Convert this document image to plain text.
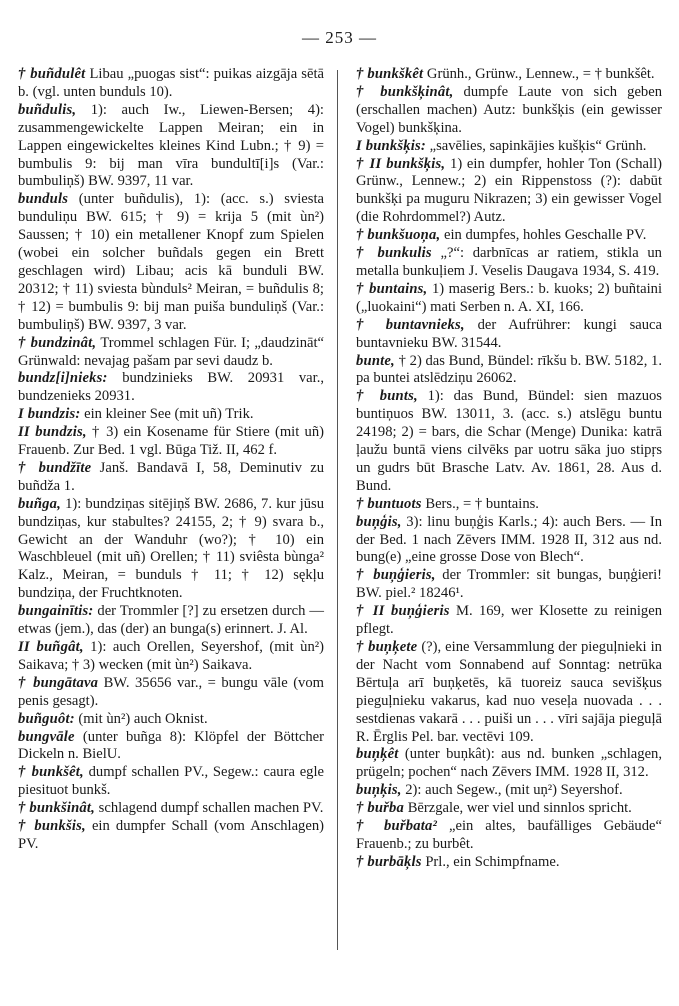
— 253 —

† buñdulêt Libau „puogas sist“: puikas aizgāja sētā b. (vgl. unten bunduls 10).

buñdulis, 1): auch Iw., Liewen-Bersen; 4): zusammengewickelte Lappen Meiran; ein in Lappen eingewickeltes kleines Kind Lubn.; † 9) = bumbulis 9: bij man vīra bundultī[i]s (Var.: bumbuliņš) BW. 9397, 11 var.

bunduls (unter buñdulis), 1): (acc. s.) sviesta bunduliņu BW. 615; † 9) = krija 5 (mit ùn²) Saussen; † 10) ein metallener Knopf zum Spielen (wobei ein solcher buñdals gegen ein Brett geschlagen wird) Libau; acis kā bunduli BW. 20312; † 11) sviesta bùnduls² Meiran, = buñdulis 8; † 12) = bumbulis 9: bij man puiša bunduliņš (Var.: bumbuliņš) BW. 9397, 3 var.

† bundzinât, Trommel schlagen Für. I; „daudzināt“ Grünwald: nevajag pašam par sevi daudz b.

bundz[i]nieks: bundzinieks BW. 20931 var., bundzenieks 20931.

I bundzis: ein kleiner See (mit uñ) Trik.

II bundzis, † 3) ein Kosename für Stiere (mit uñ) Frauenb. Zur Bed. 1 vgl. Būga Tiž. II, 462 f.

† bundžīte Janš. Bandavā I, 58, Deminutiv zu buñdža 1.

buñga, 1): bundziņas sitējiņš BW. 2686, 7. kur jūsu bundziņas, kur stabultes? 24155, 2; † 9) svara b., Gewicht an der Wanduhr (wo?); † 10) ein Waschbleuel (mit uñ) Orellen; † 11) sviêsta bùnga² Kalz., Meiran, = bunduls † 11; † 12) sękļu bundziņa, der Fruchtknoten.

bungainītis: der Trommler [?] zu ersetzen durch — etwas (jem.), das (der) an bunga(s) erinnert. J. Al.

II buñgât, 1): auch Orellen, Seyershof, (mit ùn²) Saikava; † 3) wecken (mit ùn²) Saikava.

† bungātava BW. 35656 var., = bungu vāle (vom penis gesagt).

buñguôt: (mit ùn²) auch Oknist.

bungvāle (unter buñga 8): Klöpfel der Böttcher Dickeln n. BielU.

† bunkšêt, dumpf schallen PV., Segew.: caura egle piesituot bunkš.

† bunkšinât, schlagend dumpf schallen machen PV.

† bunkšis, ein dumpfer Schall (vom Anschlagen) PV.

† bunkškêt Grünh., Grünw., Lennew., = † bunkšêt.

† bunkšķinât, dumpfe Laute von sich geben (erschallen machen) Autz: bunkšķis (ein gewisser Vogel) bunkšķina.

I bunkšķis: „savēlies, sapinkājies kušķis“ Grünh.

† II bunkšķis, 1) ein dumpfer, hohler Ton (Schall) Grünw., Lennew.; 2) ein Rippenstoss (?): dabūt bunkšķi pa muguru Nikrazen; 3) ein gewisser Vogel (die Rohrdommel?) Autz.

† bunkšuoņa, ein dumpfes, hohles Geschalle PV.

† bunkulis „?“: darbnīcas ar ratiem, stikla un metalla bunkuļiem J. Veselis Daugava 1934, S. 419.

† buntains, 1) maserig Bers.: b. kuoks; 2) buñtaini („luokaini“) mati Serben n. A. XI, 166.

† buntavnieks, der Aufrührer: kungi sauca buntavnieku BW. 31544.

bunte, † 2) das Bund, Bündel: rīkšu b. BW. 5182, 1. pa buntei atslēdziņu 26062.

† bunts, 1): das Bund, Bündel: sien mazuos buntiņuos BW. 13011, 3. (acc. s.) atslēgu buntu 24198; 2) = bars, die Schar (Menge) Dunika: katrā ļaužu buntā viens cilvēks par uotru sāka juo stipŗs un gudrs būt Brasche Latv. Av. 1861, 28. Aus d. Bund.

† buntuots Bers., = † buntains.

buņģis, 3): linu buņģis Karls.; 4): auch Bers. — In der Bed. 1 nach Zēvers IMM. 1928 II, 312 aus nd. bung(e) „eine grosse Dose von Blech“.

† buņģieris, der Trommler: sit bungas, buņģieri! BW. piel.² 18246¹.

† II buņģieris M. 169, wer Klosette zu reinigen pflegt.

† buņķete (?), eine Versammlung der pieguļnieki in der Nacht vom Sonnabend auf Sonntag: netrūka Bērtuļa arī buņķetēs, kā tuoreiz sauca sevišķus pieguļnieku vakarus, kad nuo veseļa nuovada . . . sestdienas vakarā . . . puiši un . . . vīri sajāja pieguļā R. Ērglis Pel. bar. vectēvi 109.

buņķêt (unter buņkât): aus nd. bunken „schlagen, prügeln; pochen“ nach Zēvers IMM. 1928 II, 312.

buņķis, 2): auch Segew., (mit uņ²) Seyershof.

† buřba Bērzgale, wer viel und sinnlos spricht.

† buřbata² „ein altes, baufälliges Gebäude“ Frauenb.; zu burbêt.

† burbāķls Prl., ein Schimpfname.
